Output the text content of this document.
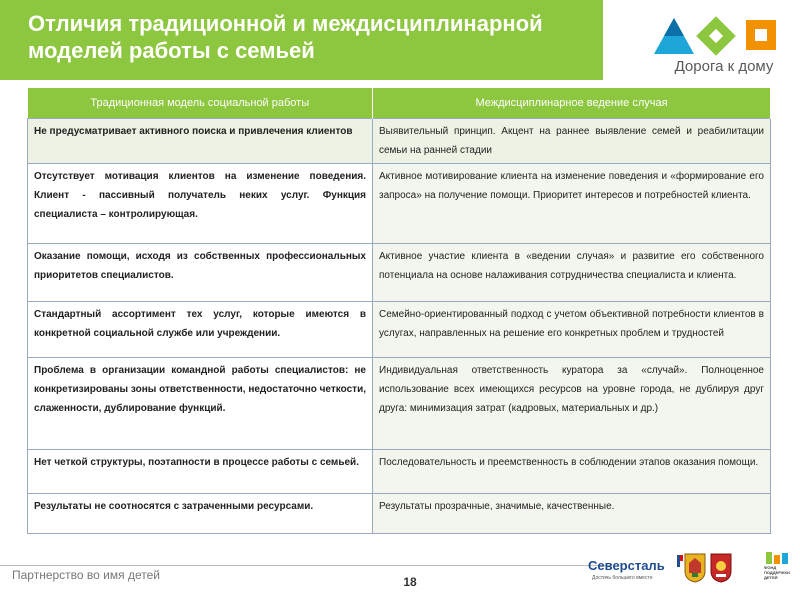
Отличия традиционной и междисциплинарной моделей работы с семьей
Дорога к дому
Традиционная модель социальной работы	Междисциплинарное ведение случая
Не предусматривает активного поиска и привлечения клиентов	Выявительный принцип. Акцент на раннее выявление семей и реабилитации семьи на ранней стадии
Отсутствует мотивация клиентов на изменение поведения. Клиент - пассивный получатель неких услуг. Функция специалиста – контролирующая.	Активное мотивирование клиента на изменение поведения и «формирование его запроса» на получение помощи. Приоритет интересов и потребностей клиента.
Оказание помощи, исходя из собственных профессиональных приоритетов специалистов.	Активное участие клиента в «ведении случая» и развитие его собственного потенциала на основе налаживания сотрудничества специалиста и клиента.
Стандартный ассортимент тех услуг, которые имеются в конкретной социальной службе или учреждении.	Семейно-ориентированный подход с учетом объективной потребности клиентов в услугах, направленных на решение его конкретных проблем и трудностей
Проблема в организации командной работы специалистов: не конкретизированы зоны ответственности, недостаточно четкости, слаженности, дублирование функций.	Индивидуальная ответственность куратора за «случай». Полноценное использование всех имеющихся ресурсов на уровне города, не дублируя друг друга: минимизация затрат (кадровых, материальных и др.)
Нет четкой структуры, поэтапности в процессе работы с семьей.	Последовательность и преемственность в соблюдении этапов оказания помощи.
Результаты не соотносятся с затраченными ресурсами.	Результаты прозрачные, значимые, качественные.
Партнерство во имя детей	18
Северсталь
Достичь большего вместе
ФОНД ПОДДЕРЖКИ ДЕТЕЙ
